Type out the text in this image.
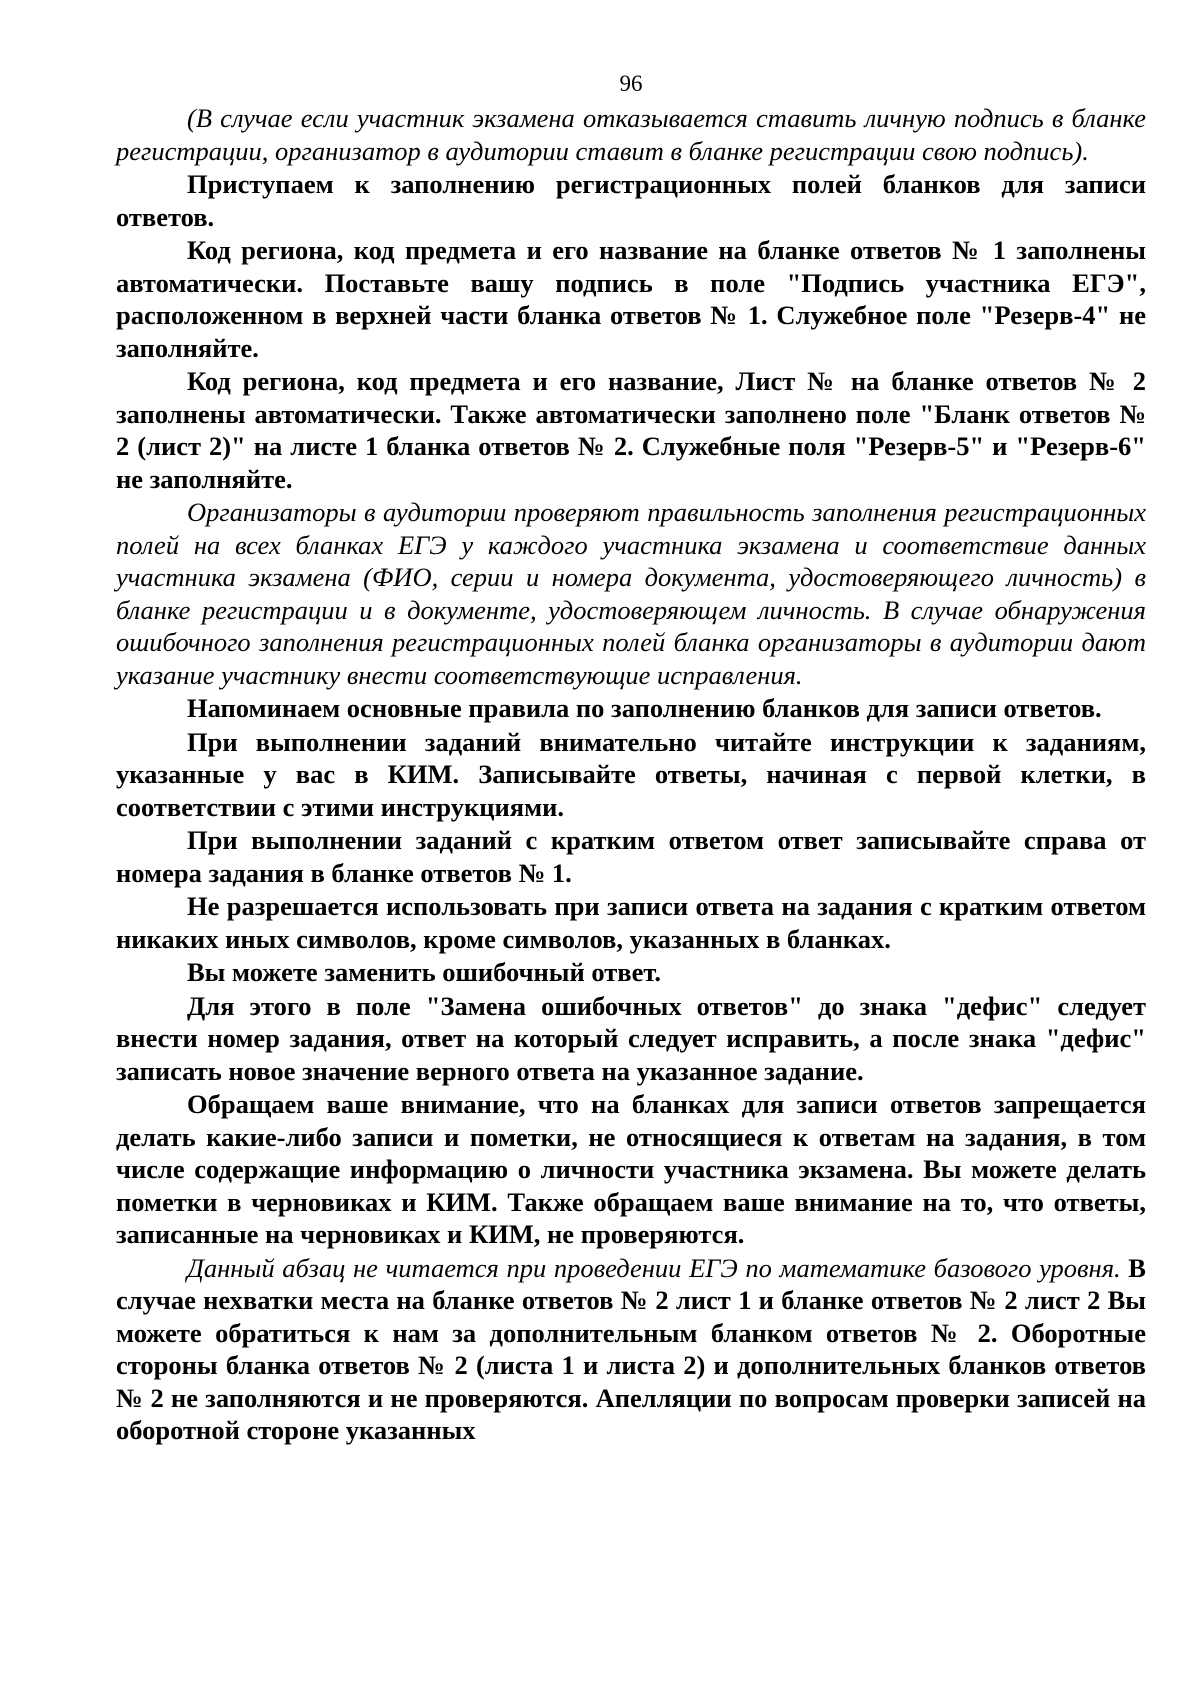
96

(В случае если участник экзамена отказывается ставить личную подпись в бланке регистрации, организатор в аудитории ставит в бланке регистрации свою подпись).

Приступаем к заполнению регистрационных полей бланков для записи ответов.

Код региона, код предмета и его название на бланке ответов № 1 заполнены автоматически. Поставьте вашу подпись в поле "Подпись участника ЕГЭ", расположенном в верхней части бланка ответов № 1. Служебное поле "Резерв-4" не заполняйте.

Код региона, код предмета и его название, Лист № на бланке ответов № 2 заполнены автоматически. Также автоматически заполнено поле "Бланк ответов № 2 (лист 2)" на листе 1 бланка ответов № 2. Служебные поля "Резерв-5" и "Резерв-6" не заполняйте.

Организаторы в аудитории проверяют правильность заполнения регистрационных полей на всех бланках ЕГЭ у каждого участника экзамена и соответствие данных участника экзамена (ФИО, серии и номера документа, удостоверяющего личность) в бланке регистрации и в документе, удостоверяющем личность. В случае обнаружения ошибочного заполнения регистрационных полей бланка организаторы в аудитории дают указание участнику внести соответствующие исправления.

Напоминаем основные правила по заполнению бланков для записи ответов.

При выполнении заданий внимательно читайте инструкции к заданиям, указанные у вас в КИМ. Записывайте ответы, начиная с первой клетки, в соответствии с этими инструкциями.

При выполнении заданий с кратким ответом ответ записывайте справа от номера задания в бланке ответов № 1.

Не разрешается использовать при записи ответа на задания с кратким ответом никаких иных символов, кроме символов, указанных в бланках.

Вы можете заменить ошибочный ответ.

Для этого в поле "Замена ошибочных ответов" до знака "дефис" следует внести номер задания, ответ на который следует исправить, а после знака "дефис" записать новое значение верного ответа на указанное задание.

Обращаем ваше внимание, что на бланках для записи ответов запрещается делать какие-либо записи и пометки, не относящиеся к ответам на задания, в том числе содержащие информацию о личности участника экзамена. Вы можете делать пометки в черновиках и КИМ. Также обращаем ваше внимание на то, что ответы, записанные на черновиках и КИМ, не проверяются.

Данный абзац не читается при проведении ЕГЭ по математике базового уровня. В случае нехватки места на бланке ответов № 2 лист 1 и бланке ответов № 2 лист 2 Вы можете обратиться к нам за дополнительным бланком ответов № 2. Оборотные стороны бланка ответов № 2 (листа 1 и листа 2) и дополнительных бланков ответов № 2 не заполняются и не проверяются. Апелляции по вопросам проверки записей на оборотной стороне указанных
